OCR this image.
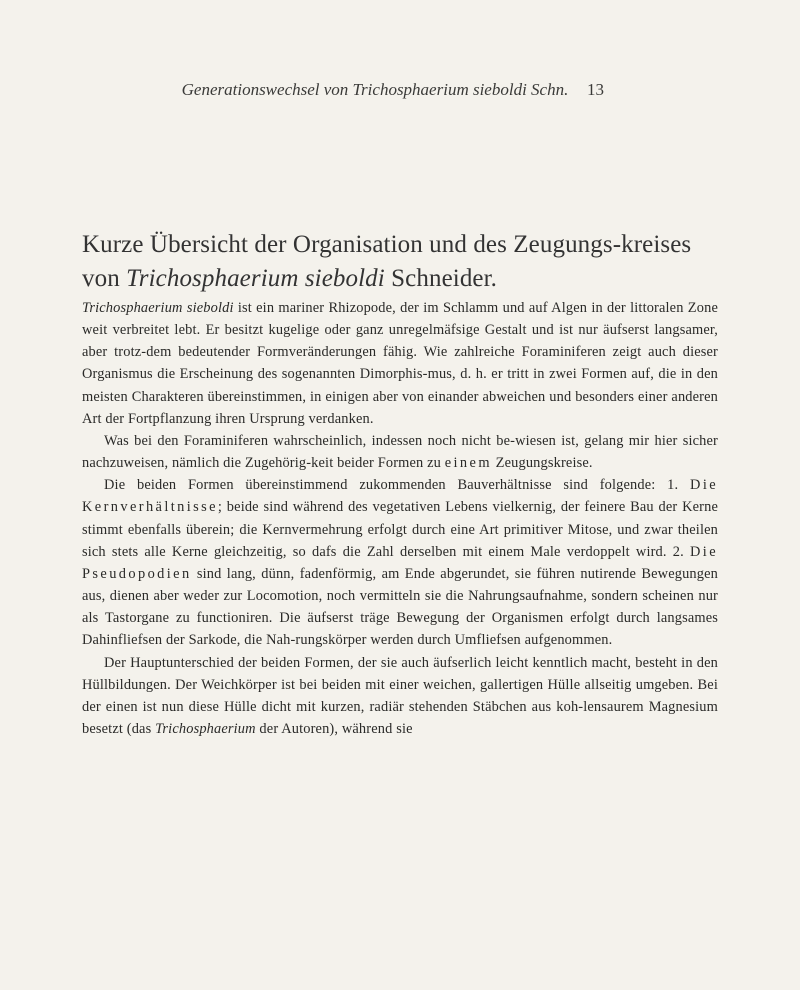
Generationswechsel von Trichosphaerium sieboldi Schn.	13
Kurze Übersicht der Organisation und des Zeugungs-kreises von Trichosphaerium sieboldi Schneider.

Trichosphaerium sieboldi ist ein mariner Rhizopode, der im Schlamm und auf Algen in der littoralen Zone weit verbreitet lebt. Er besitzt kugelige oder ganz unregelmäfsige Gestalt und ist nur äufserst langsamer, aber trotz-dem bedeutender Formveränderungen fähig. Wie zahlreiche Foraminiferen zeigt auch dieser Organismus die Erscheinung des sogenannten Dimorphis-mus, d. h. er tritt in zwei Formen auf, die in den meisten Charakteren übereinstimmen, in einigen aber von einander abweichen und besonders einer anderen Art der Fortpflanzung ihren Ursprung verdanken.

Was bei den Foraminiferen wahrscheinlich, indessen noch nicht be-wiesen ist, gelang mir hier sicher nachzuweisen, nämlich die Zugehörig-keit beider Formen zu einem Zeugungskreise.

Die beiden Formen übereinstimmend zukommenden Bauverhältnisse sind folgende: 1. Die Kernverhältnisse; beide sind während des vegetativen Lebens vielkernig, der feinere Bau der Kerne stimmt ebenfalls überein; die Kernvermehrung erfolgt durch eine Art primitiver Mitose, und zwar theilen sich stets alle Kerne gleichzeitig, so dafs die Zahl derselben mit einem Male verdoppelt wird. 2. Die Pseudopodien sind lang, dünn, fadenförmig, am Ende abgerundet, sie führen nutirende Bewegungen aus, dienen aber weder zur Locomotion, noch vermitteln sie die Nahrungsaufnahme, sondern scheinen nur als Tastorgane zu functioniren. Die äufserst träge Bewegung der Organismen erfolgt durch langsames Dahinfliefsen der Sarkode, die Nah-rungskörper werden durch Umfliefsen aufgenommen.

Der Hauptunterschied der beiden Formen, der sie auch äufserlich leicht kenntlich macht, besteht in den Hüllbildungen. Der Weichkörper ist bei beiden mit einer weichen, gallertigen Hülle allseitig umgeben. Bei der einen ist nun diese Hülle dicht mit kurzen, radiär stehenden Stäbchen aus koh-lensaurem Magnesium besetzt (das Trichosphaerium der Autoren), während sie
